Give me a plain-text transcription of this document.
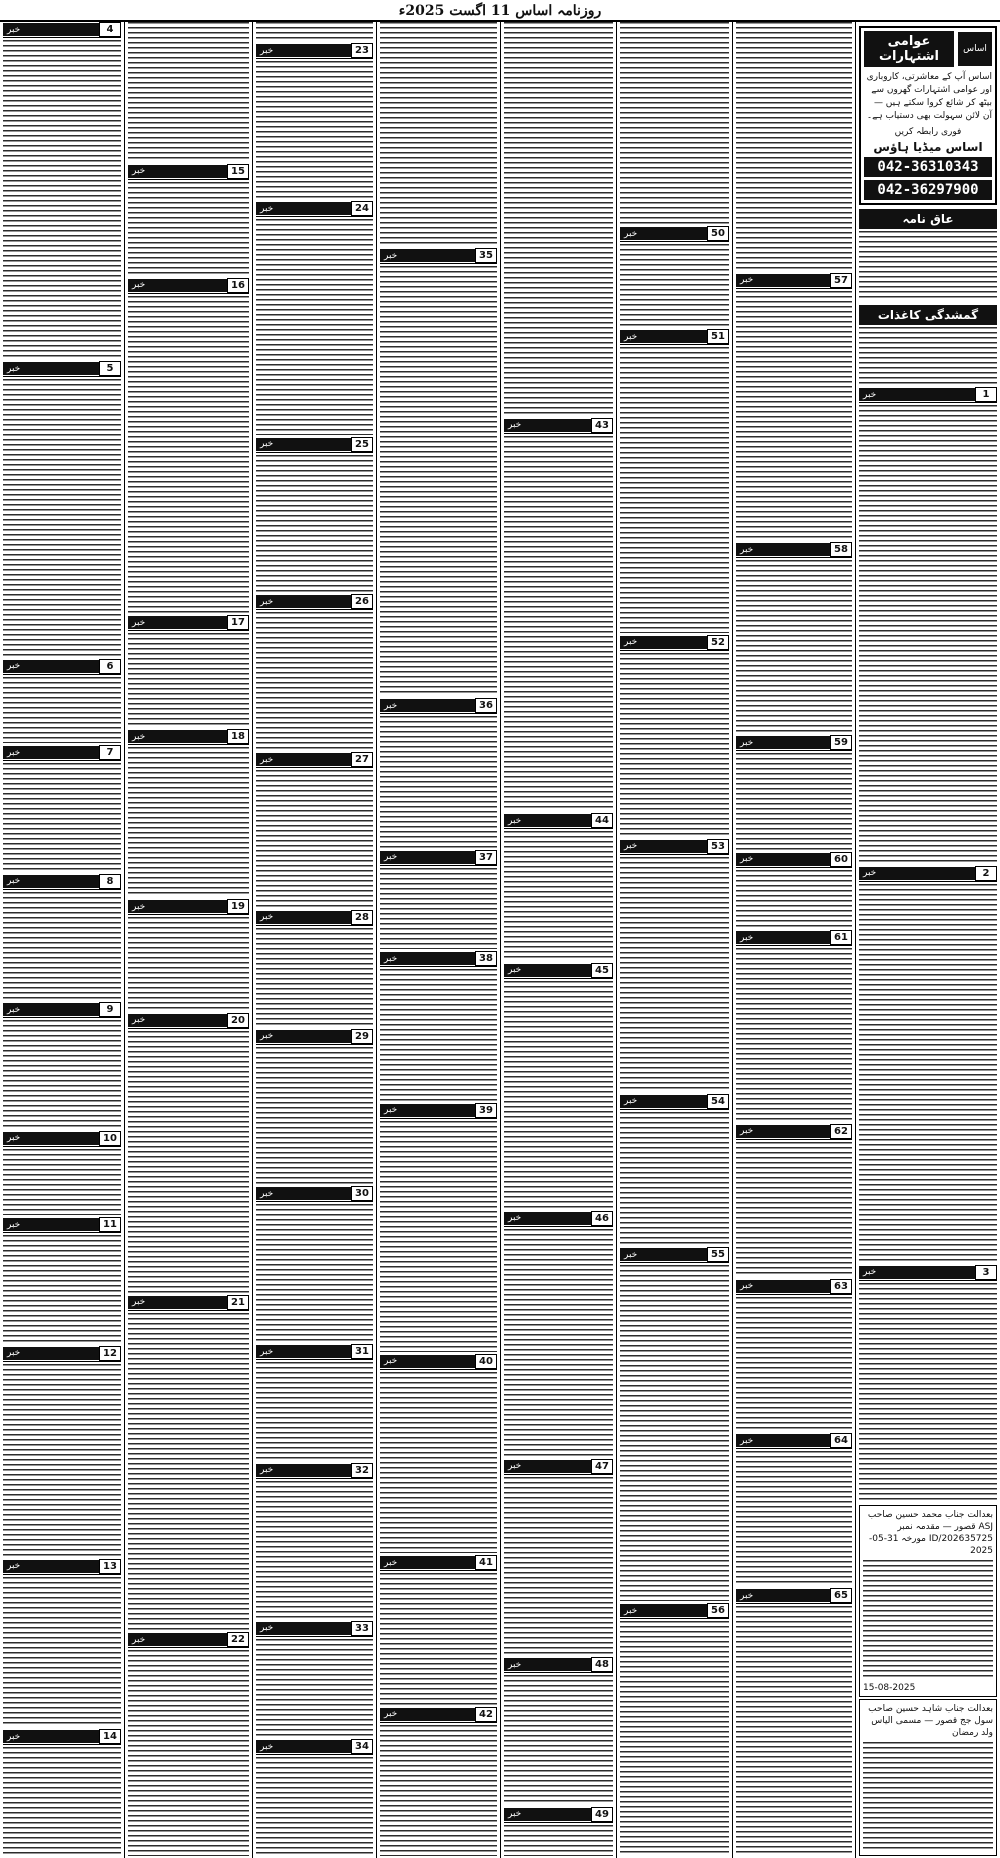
روزنامہ اساس 11 اگست 2025ء
اساس
عوامی اشتہارات
اساس آپ کے معاشرتی، کاروباری اور عوامی اشتہارات گھروں سے بیٹھ کر شائع کروا سکتے ہیں — آن لائن سہولت بھی دستیاب ہے۔
فوری رابطہ کریں
اساس میڈیا ہاؤس
042-36310343
042-36297900
عاق نامہ
گمشدگی کاغذات
1
خبر
2
خبر
3
خبر
بعدالت جناب محمد حسین صاحب ASJ قصور — مقدمہ نمبر 202635725/ID مورخہ 31-05-2025
15-08-2025
بعدالت جناب شاہد حسین صاحب سول جج قصور — مسمی الیاس ولد رمضان
57
خبر
58
خبر
59
خبر
60
خبر
61
خبر
62
خبر
63
خبر
64
خبر
65
خبر
50
خبر
51
خبر
52
خبر
53
خبر
54
خبر
55
خبر
56
خبر
43
خبر
44
خبر
45
خبر
46
خبر
47
خبر
48
خبر
49
خبر
35
خبر
36
خبر
37
خبر
38
خبر
39
خبر
40
خبر
41
خبر
42
خبر
23
خبر
24
خبر
25
خبر
26
خبر
27
خبر
28
خبر
29
خبر
30
خبر
31
خبر
32
خبر
33
خبر
34
خبر
15
خبر
16
خبر
17
خبر
18
خبر
19
خبر
20
خبر
21
خبر
22
خبر
4
خبر
5
خبر
6
خبر
7
خبر
8
خبر
9
خبر
10
خبر
11
خبر
12
خبر
13
خبر
14
خبر
